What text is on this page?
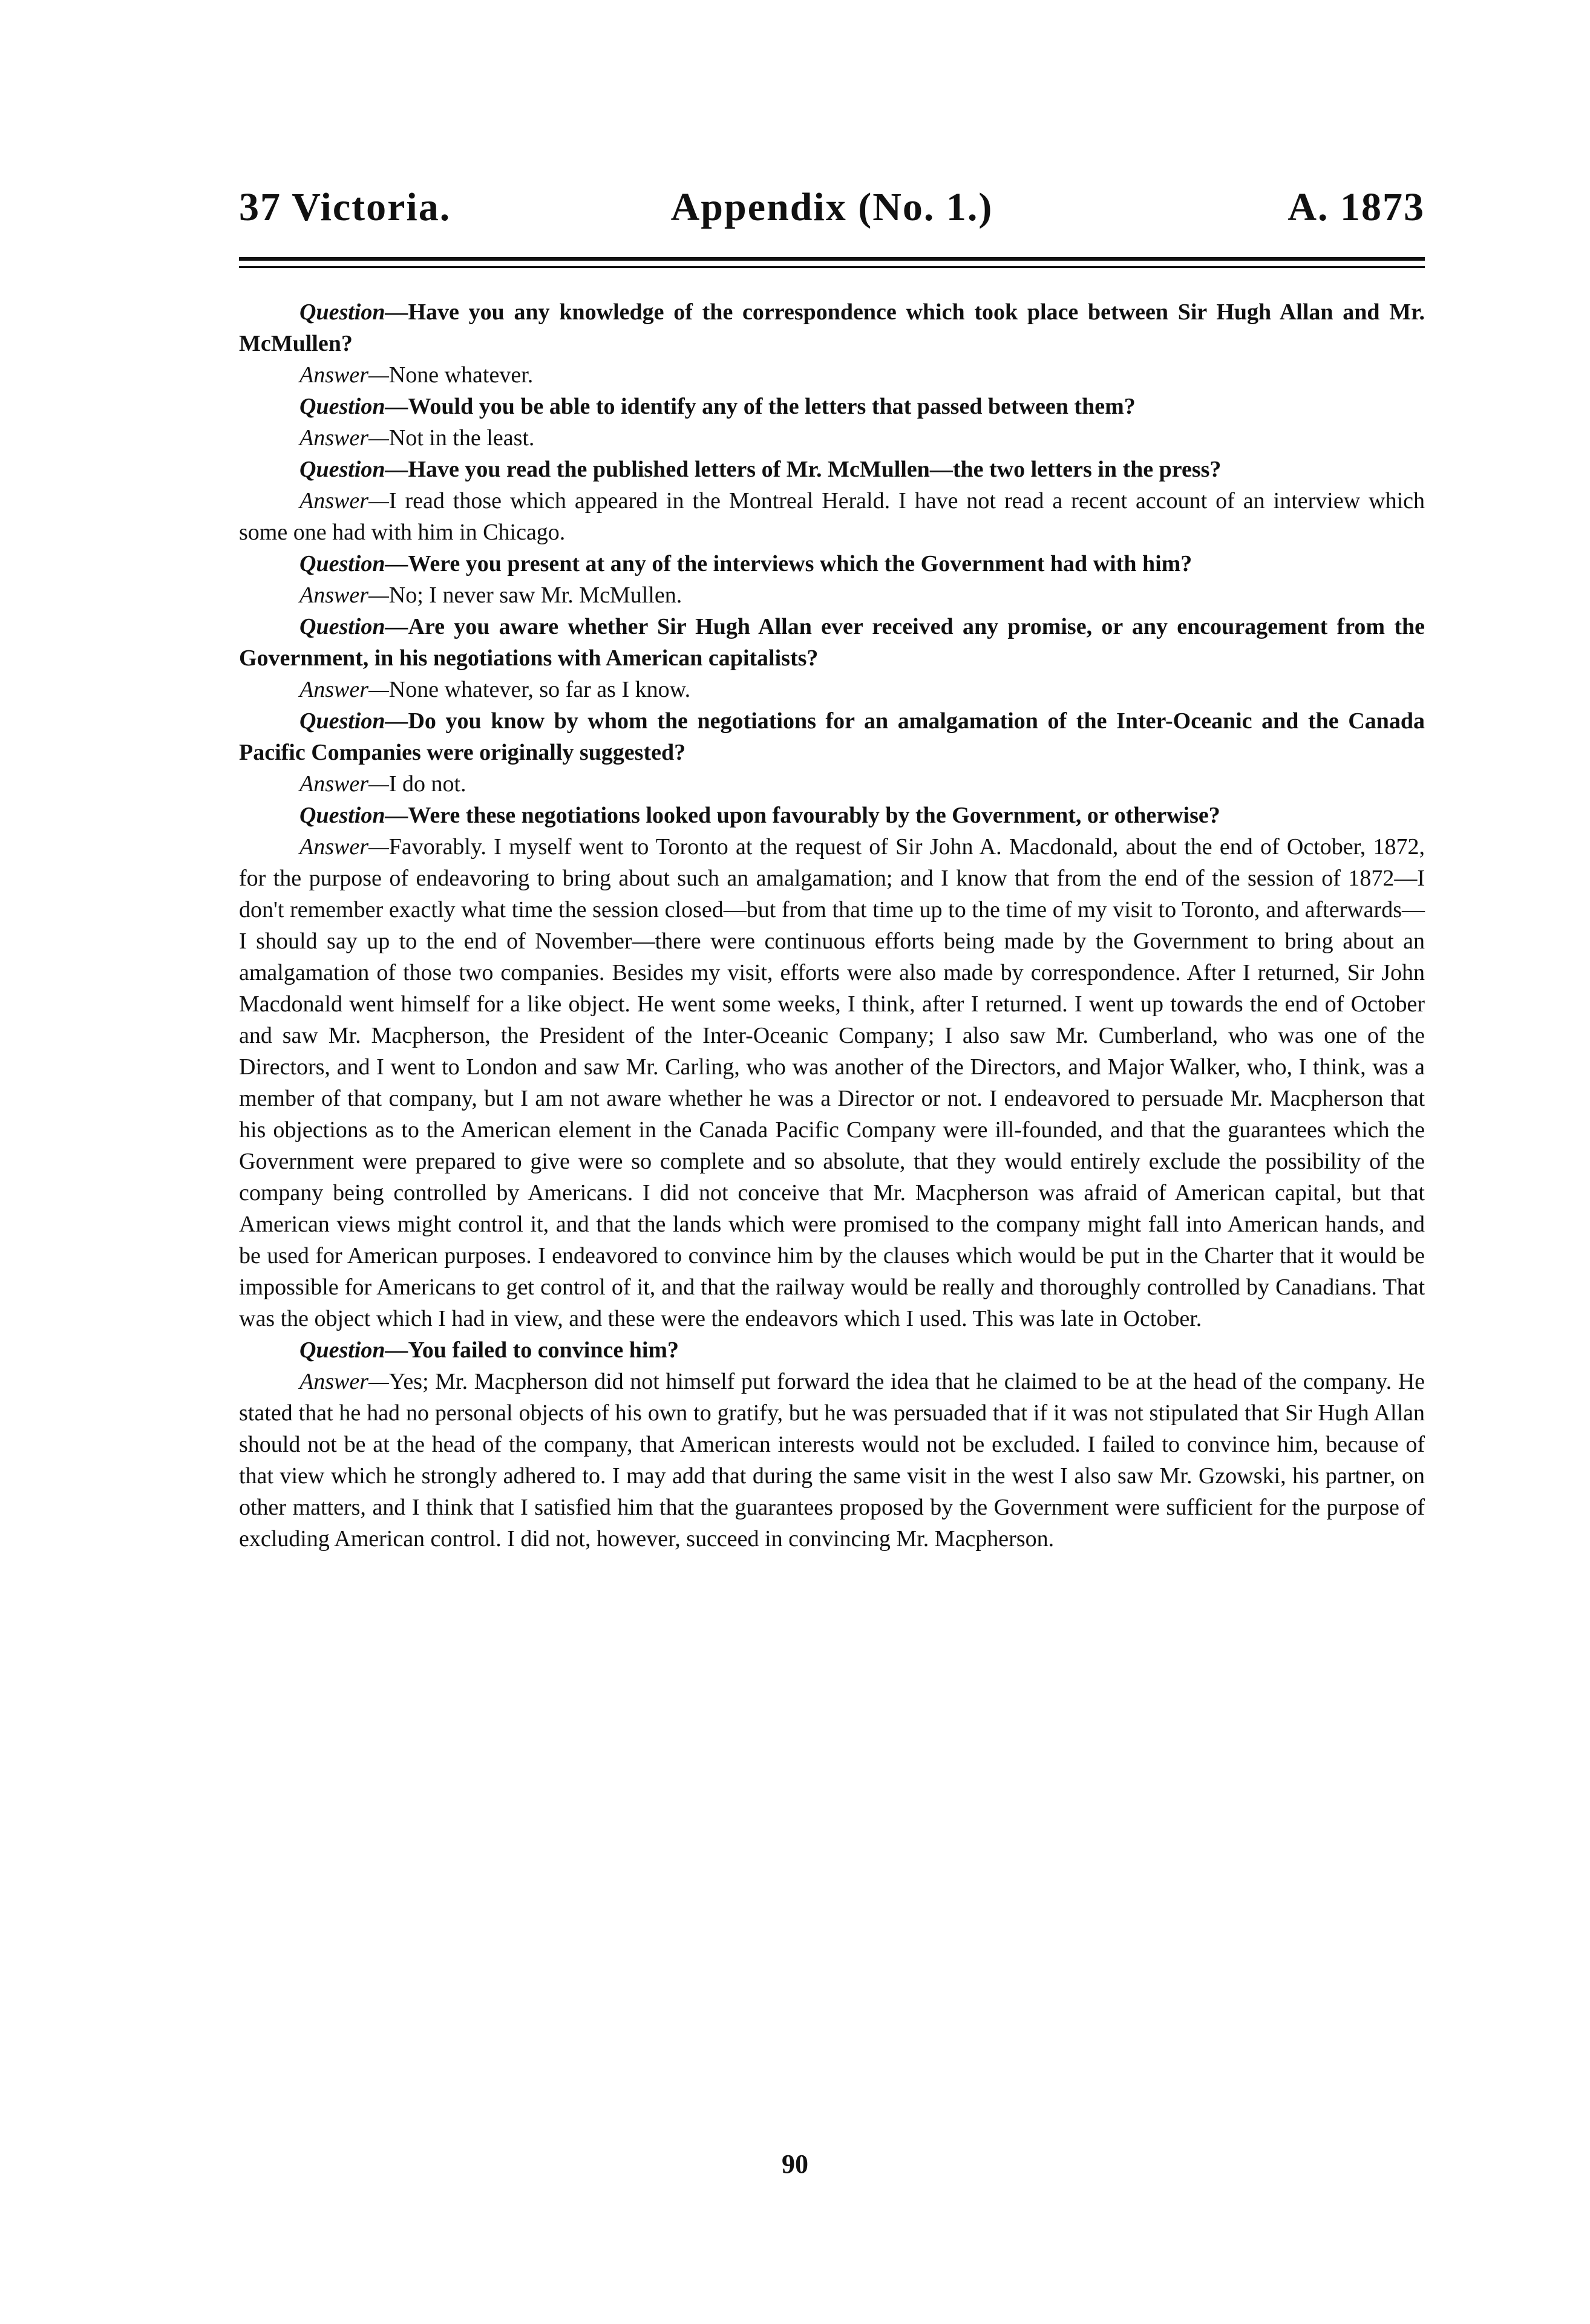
Appendix (No. 1.)
37 Victoria.	A. 1873

Question—Have you any knowledge of the correspondence which took place between Sir Hugh Allan and Mr. McMullen?

Answer—None whatever.

Question—Would you be able to identify any of the letters that passed between them?

Answer—Not in the least.

Question—Have you read the published letters of Mr. McMullen—the two letters in the press?

Answer—I read those which appeared in the Montreal Herald. I have not read a recent account of an interview which some one had with him in Chicago.

Question—Were you present at any of the interviews which the Government had with him?

Answer—No; I never saw Mr. McMullen.

Question—Are you aware whether Sir Hugh Allan ever received any promise, or any encouragement from the Government, in his negotiations with American capitalists?

Answer—None whatever, so far as I know.

Question—Do you know by whom the negotiations for an amalgamation of the Inter-Oceanic and the Canada Pacific Companies were originally suggested?

Answer—I do not.

Question—Were these negotiations looked upon favourably by the Government, or otherwise?

Answer—Favorably. I myself went to Toronto at the request of Sir John A. Macdonald, about the end of October, 1872, for the purpose of endeavoring to bring about such an amalgamation; and I know that from the end of the session of 1872—I don't remember exactly what time the session closed—but from that time up to the time of my visit to Toronto, and afterwards—I should say up to the end of November—there were continuous efforts being made by the Government to bring about an amalgamation of those two companies. Besides my visit, efforts were also made by correspondence. After I returned, Sir John Macdonald went himself for a like object. He went some weeks, I think, after I returned. I went up towards the end of October and saw Mr. Macpherson, the President of the Inter-Oceanic Company; I also saw Mr. Cumberland, who was one of the Directors, and I went to London and saw Mr. Carling, who was another of the Directors, and Major Walker, who, I think, was a member of that company, but I am not aware whether he was a Director or not. I endeavored to persuade Mr. Macpherson that his objections as to the American element in the Canada Pacific Company were ill-founded, and that the guarantees which the Government were prepared to give were so complete and so absolute, that they would entirely exclude the possibility of the company being controlled by Americans. I did not conceive that Mr. Macpherson was afraid of American capital, but that American views might control it, and that the lands which were promised to the company might fall into American hands, and be used for American purposes. I endeavored to convince him by the clauses which would be put in the Charter that it would be impossible for Americans to get control of it, and that the railway would be really and thoroughly controlled by Canadians. That was the object which I had in view, and these were the endeavors which I used. This was late in October.

Question—You failed to convince him?

Answer—Yes; Mr. Macpherson did not himself put forward the idea that he claimed to be at the head of the company. He stated that he had no personal objects of his own to gratify, but he was persuaded that if it was not stipulated that Sir Hugh Allan should not be at the head of the company, that American interests would not be excluded. I failed to convince him, because of that view which he strongly adhered to. I may add that during the same visit in the west I also saw Mr. Gzowski, his partner, on other matters, and I think that I satisfied him that the guarantees proposed by the Government were sufficient for the purpose of excluding American control. I did not, however, succeed in convincing Mr. Macpherson.

90
